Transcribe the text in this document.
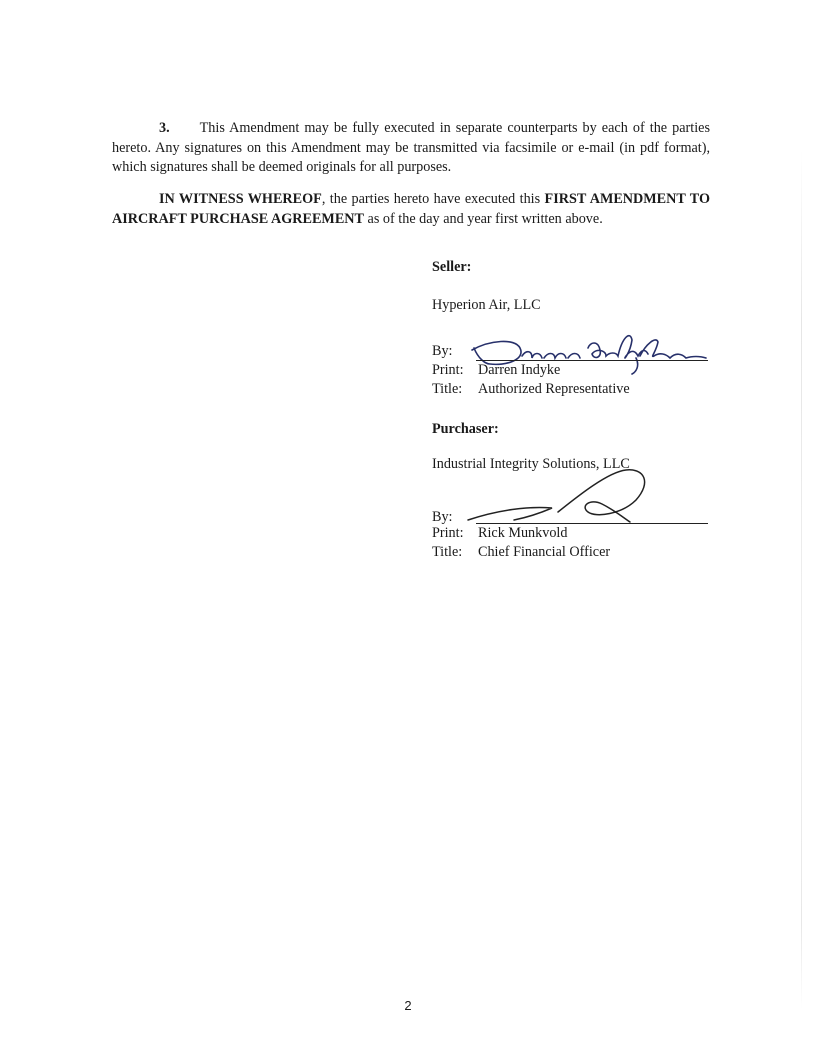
3. This Amendment may be fully executed in separate counterparts by each of the parties hereto. Any signatures on this Amendment may be transmitted via facsimile or e-mail (in pdf format), which signatures shall be deemed originals for all purposes.

IN WITNESS WHEREOF, the parties hereto have executed this FIRST AMENDMENT TO AIRCRAFT PURCHASE AGREEMENT as of the day and year first written above.

Seller:
Hyperion Air, LLC
By:
Print: Darren Indyke
Title: Authorized Representative
Purchaser:
Industrial Integrity Solutions, LLC
By:
Print: Rick Munkvold
Title: Chief Financial Officer
2
